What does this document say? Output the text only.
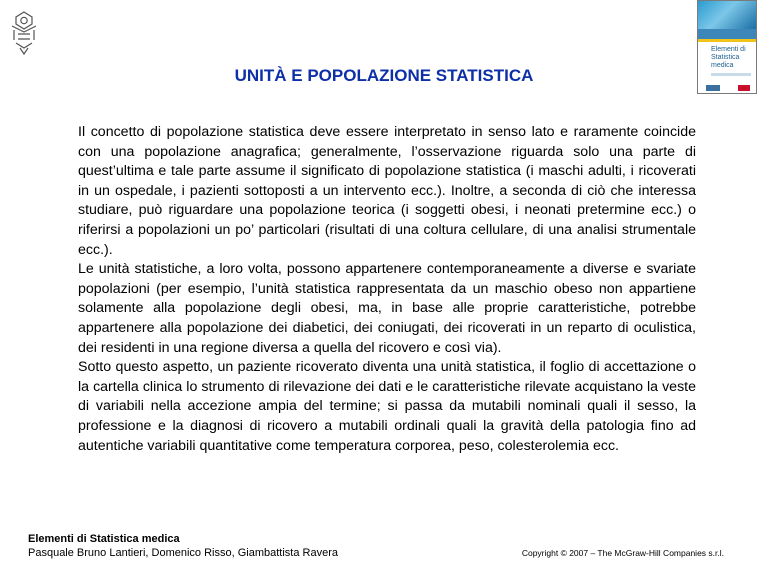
Elementi di
Statistica
medica
UNITÀ E POPOLAZIONE STATISTICA

Il concetto di popolazione statistica deve essere interpretato in senso lato e raramente coincide con una popolazione anagrafica; generalmente, l’osservazione riguarda solo una parte di quest’ultima e tale parte assume il significato di popolazione statistica (i maschi adulti, i ricoverati in un ospedale, i pazienti sottoposti a un intervento ecc.). Inoltre, a seconda di ciò che interessa studiare, può riguardare una popolazione teorica (i soggetti obesi, i neonati pretermine ecc.) o riferirsi a popolazioni un po’ particolari (risultati di una coltura cellulare, di una analisi strumentale ecc.).

Le unità statistiche, a loro volta, possono appartenere contemporaneamente a diverse e svariate popolazioni (per esempio, l’unità statistica rappresentata da un maschio obeso non appartiene solamente alla popolazione degli obesi, ma, in base alle proprie caratteristiche, potrebbe appartenere alla popolazione dei diabetici, dei coniugati, dei ricoverati in un reparto di oculistica, dei residenti in una regione diversa a quella del ricovero e così via).

Sotto questo aspetto, un paziente ricoverato diventa una unità statistica, il foglio di accettazione o la cartella clinica lo strumento di rilevazione dei dati e le caratteristiche rilevate acquistano la veste di variabili nella accezione ampia del termine; si passa da mutabili nominali quali il sesso, la professione e la diagnosi di ricovero a mutabili ordinali quali la gravità della patologia fino ad autentiche variabili quantitative come temperatura corporea, peso, colesterolemia ecc.

Elementi di Statistica medica
Pasquale Bruno Lantieri, Domenico Risso, Giambattista Ravera	Copyright © 2007 – The McGraw-Hill Companies s.r.l.
